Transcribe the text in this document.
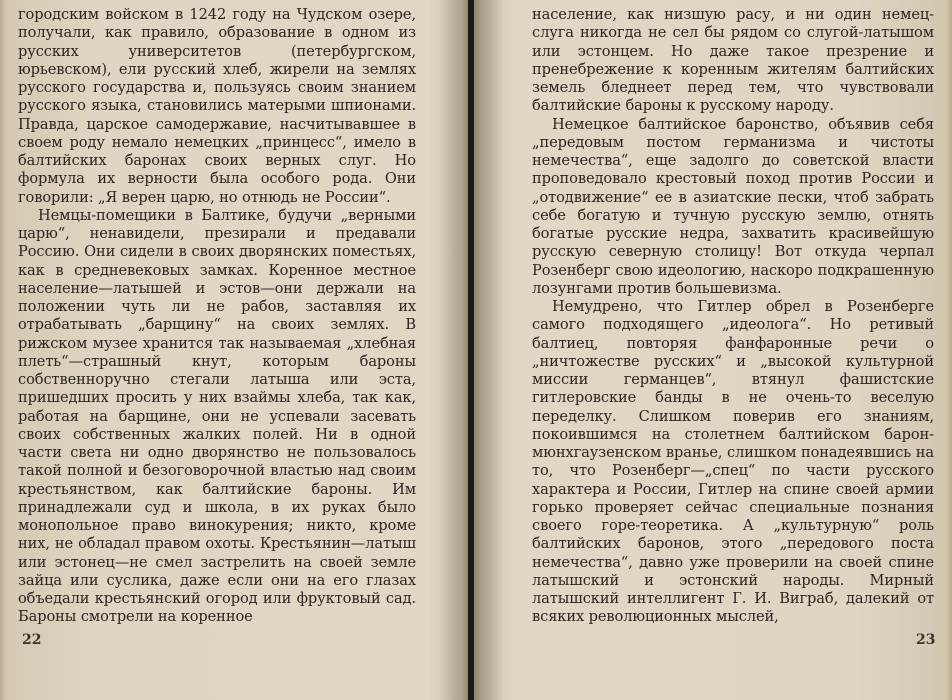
городским войском в 1242 году на Чудском озере, получали, как правило, образование в одном из русских университетов (петербургском, юрьевском), ели русский хлеб, жирели на землях русского государства и, пользуясь своим знанием русского языка, становились матерыми шпионами. Правда, царское самодержавие, насчитывавшее в своем роду немало немецких „принцесс“, имело в балтийских баронах своих верных слуг. Но формула их верности была особого рода. Они говорили: „Я верен царю, но отнюдь не России“.

Немцы-помещики в Балтике, будучи „верными царю“, ненавидели, презирали и предавали Россию. Они сидели в своих дворянских поместьях, как в средневековых замках. Коренное местное население—латышей и эстов—они держали на положении чуть ли не рабов, заставляя их отрабатывать „барщину“ на своих землях. В рижском музее хранится так называемая „хлебная плеть“—страшный кнут, которым бароны собственноручно стегали латыша или эста, пришедших просить у них взаймы хлеба, так как, работая на барщине, они не успевали засевать своих собственных жалких полей. Ни в одной части света ни одно дворянство не пользовалось такой полной и безоговорочной властью над своим крестьянством, как балтийские бароны. Им принадлежали суд и школа, в их руках было монопольное право винокурения; никто, кроме них, не обладал правом охоты. Крестьянин—латыш или эстонец—не смел застрелить на своей земле зайца или суслика, даже если они на его глазах объедали крестьянский огород или фруктовый сад. Бароны смотрели на коренное

население, как низшую расу, и ни один немец-слуга никогда не сел бы рядом со слугой-латышом или эстонцем. Но даже такое презрение и пренебрежение к коренным жителям балтийских земель бледнеет перед тем, что чувствовали балтийские бароны к русскому народу.

Немецкое балтийское баронство, объявив себя „передовым постом германизма и чистоты немечества“, еще задолго до советской власти проповедовало крестовый поход против России и „отодвижение“ ее в азиатские пески, чтоб забрать себе богатую и тучную русскую землю, отнять богатые русские недра, захватить красивейшую русскую северную столицу! Вот откуда черпал Розенберг свою идеологию, наскоро подкрашенную лозунгами против большевизма.

Немудрено, что Гитлер обрел в Розенберге самого подходящего „идеолога“. Но ретивый балтиец, повторяя фанфаронные речи о „ничтожестве русских“ и „высокой культурной миссии германцев“, втянул фашистские гитлеровские банды в не очень-то веселую переделку. Слишком поверив его знаниям, покоившимся на столетнем балтийском барон-мюнхгаузенском вранье, слишком понадеявшись на то, что Розенберг—„спец“ по части русского характера и России, Гитлер на спине своей армии горько проверяет сейчас специальные познания своего горе-теоретика. А „культурную“ роль балтийских баронов, этого „передового поста немечества“, давно уже проверили на своей спине латышский и эстонский народы. Мирный латышский интеллигент Г. И. Виграб, далекий от всяких революционных мыслей,

22	23
